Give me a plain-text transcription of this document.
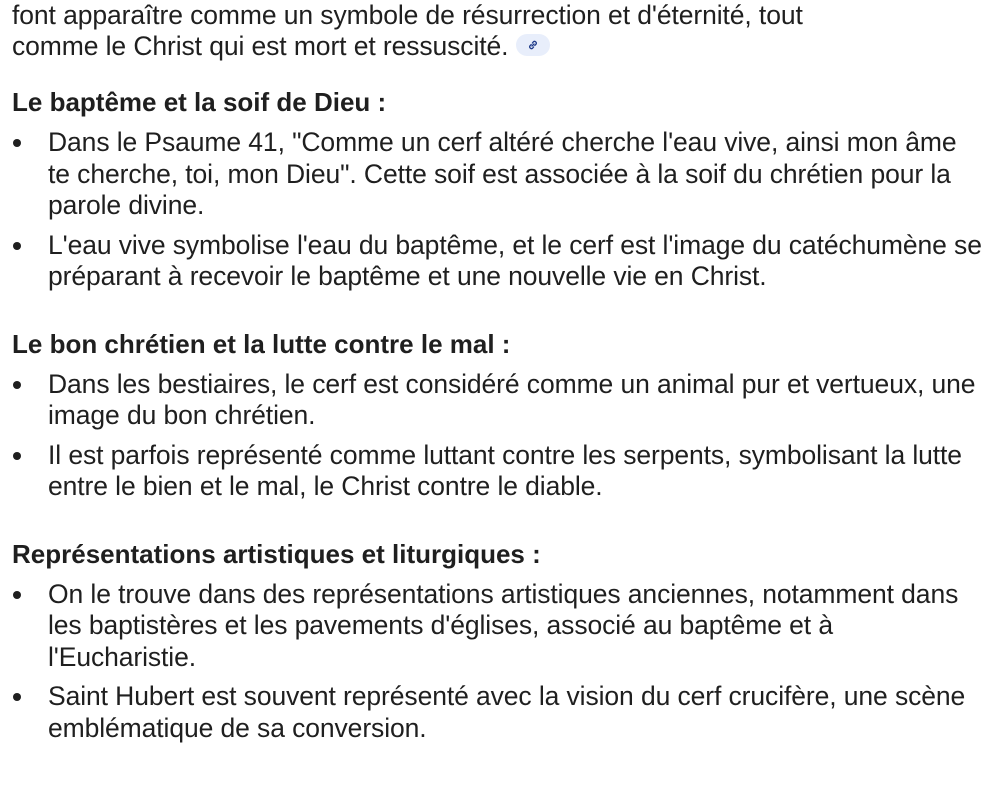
font apparaître comme un symbole de résurrection et d'éternité, tout
comme le Christ qui est mort et ressuscité.

Le baptême et la soif de Dieu :
Dans le Psaume 41, "Comme un cerf altéré cherche l'eau vive, ainsi mon âme te cherche, toi, mon Dieu". Cette soif est associée à la soif du chrétien pour la parole divine.
L'eau vive symbolise l'eau du baptême, et le cerf est l'image du catéchumène se préparant à recevoir le baptême et une nouvelle vie en Christ.
Le bon chrétien et la lutte contre le mal :
Dans les bestiaires, le cerf est considéré comme un animal pur et vertueux, une image du bon chrétien.
Il est parfois représenté comme luttant contre les serpents, symbolisant la lutte entre le bien et le mal, le Christ contre le diable.
Représentations artistiques et liturgiques :
On le trouve dans des représentations artistiques anciennes, notamment dans les baptistères et les pavements d'églises, associé au baptême et à l'Eucharistie.
Saint Hubert est souvent représenté avec la vision du cerf crucifère, une scène emblématique de sa conversion.
